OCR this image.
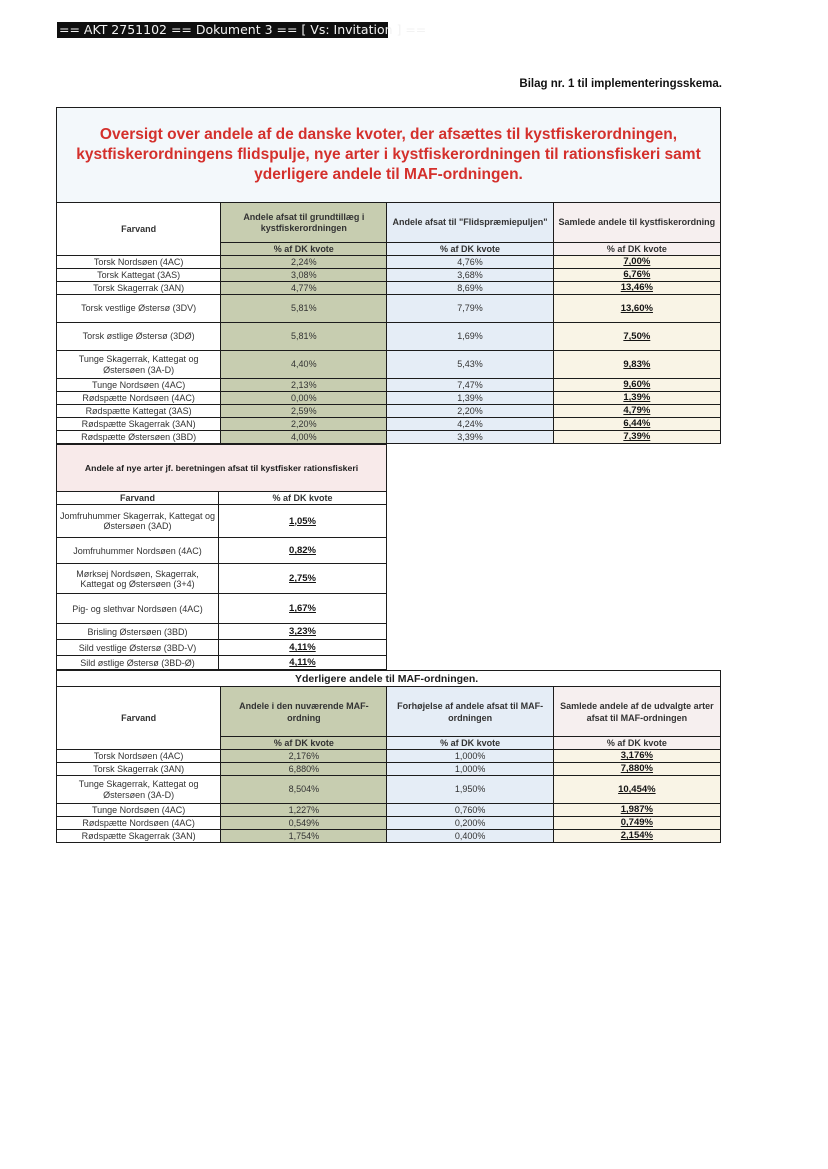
== AKT 2751102 == Dokument 3 == [ Vs: Invitation ] ==
Bilag nr. 1 til implementeringsskema.
Oversigt over andele af de danske kvoter, der afsættes til kystfiskerordningen, kystfiskerordningens flidspulje, nye arter i kystfiskerordningen til rationsfiskeri samt yderligere andele til MAF-ordningen.			
Farvand	Andele afsat til grundtillæg i kystfiskerordningen	Andele afsat til "Flidspræmiepuljen"	Samlede andele til kystfiskerordning
	% af DK kvote	% af DK kvote	% af DK kvote
Torsk Nordsøen (4AC)	2,24%	4,76%	7,00%
Torsk Kattegat (3AS)	3,08%	3,68%	6,76%
Torsk Skagerrak (3AN)	4,77%	8,69%	13,46%
Torsk vestlige Østersø (3DV)	5,81%	7,79%	13,60%
Torsk østlige Østersø (3DØ)	5,81%	1,69%	7,50%
Tunge Skagerrak, Kattegat og Østersøen (3A-D)	4,40%	5,43%	9,83%
Tunge Nordsøen (4AC)	2,13%	7,47%	9,60%
Rødspætte Nordsøen (4AC)	0,00%	1,39%	1,39%
Rødspætte Kattegat (3AS)	2,59%	2,20%	4,79%
Rødspætte Skagerrak (3AN)	2,20%	4,24%	6,44%
Rødspætte Østersøen (3BD)	4,00%	3,39%	7,39%
Andele af nye arter jf. beretningen afsat til kystfisker rationsfiskeri	
Farvand	% af DK kvote
Jomfruhummer Skagerrak, Kattegat og Østersøen (3AD)	1,05%
Jomfruhummer Nordsøen (4AC)	0,82%
Mørksej Nordsøen, Skagerrak, Kattegat og Østersøen (3+4)	2,75%
Pig- og slethvar Nordsøen (4AC)	1,67%
Brisling Østersøen (3BD)	3,23%
Sild vestlige Østersø (3BD-V)	4,11%
Sild østlige Østersø (3BD-Ø)	4,11%
Yderligere andele til MAF-ordningen.			
Farvand	Andele i den nuværende MAF-ordning	Forhøjelse af andele afsat til MAF-ordningen	Samlede andele af de udvalgte arter afsat til MAF-ordningen
	% af DK kvote	% af DK kvote	% af DK kvote
Torsk Nordsøen (4AC)	2,176%	1,000%	3,176%
Torsk Skagerrak (3AN)	6,880%	1,000%	7,880%
Tunge Skagerrak, Kattegat og Østersøen (3A-D)	8,504%	1,950%	10,454%
Tunge Nordsøen (4AC)	1,227%	0,760%	1,987%
Rødspætte Nordsøen (4AC)	0,549%	0,200%	0,749%
Rødspætte Skagerrak (3AN)	1,754%	0,400%	2,154%
